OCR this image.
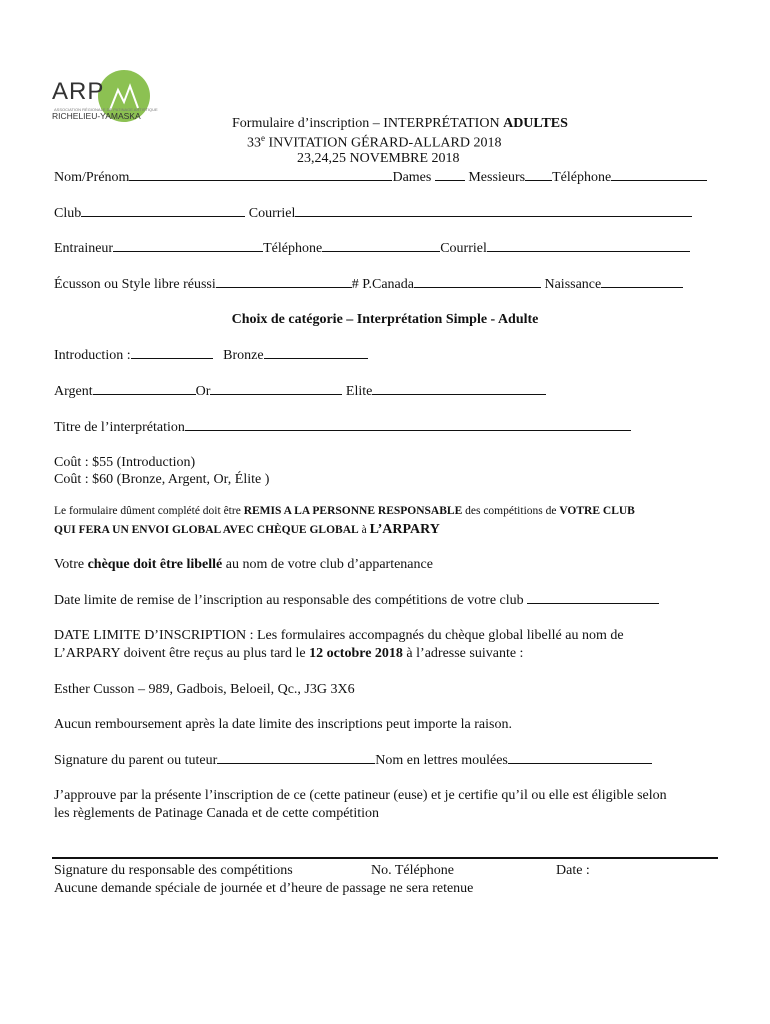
ARP
ASSOCIATION RÉGIONALE DE PATINAGE ARTISTIQUE
RICHELIEU-YAMASKA	Formulaire d’inscription – INTERPRÉTATION ADULTES
33e INVITATION GÉRARD-ALLARD 2018
23,24,25 NOVEMBRE 2018
Nom/Prénom	Dames	Messieurs Téléphone
Club	Courriel
Entraineur	Téléphone	Courriel
Écusson ou Style libre réussi	# P.Canada	Naissance
Choix de catégorie – Interprétation Simple - Adulte
Introduction :	Bronze
Argent	Or	Elite
Titre de l’interprétation
Coût : $55 (Introduction)
Coût : $60 (Bronze, Argent, Or, Élite )
Le formulaire dûment complété doit être REMIS A LA PERSONNE RESPONSABLE des compétitions de VOTRE CLUB
QUI FERA UN ENVOI GLOBAL AVEC CHÈQUE GLOBAL à L’ARPARY
Votre chèque doit être libellé au nom de votre club d’appartenance
Date limite de remise de l’inscription au responsable des compétitions de votre club
DATE LIMITE D’INSCRIPTION : Les formulaires accompagnés du chèque global libellé au nom de
L’ARPARY doivent être reçus au plus tard le 12 octobre 2018 à l’adresse suivante :
Esther Cusson – 989, Gadbois, Beloeil, Qc., J3G 3X6
Aucun remboursement après la date limite des inscriptions peut importe la raison.
Signature du parent ou tuteur	Nom en lettres moulées
J’approuve par la présente l’inscription de ce (cette patineur (euse) et je certifie qu’il ou elle est éligible selon
les règlements de Patinage Canada et de cette compétition
Signature du responsable des compétitions	No. Téléphone	Date :
Aucune demande spéciale de journée et d’heure de passage ne sera retenue
